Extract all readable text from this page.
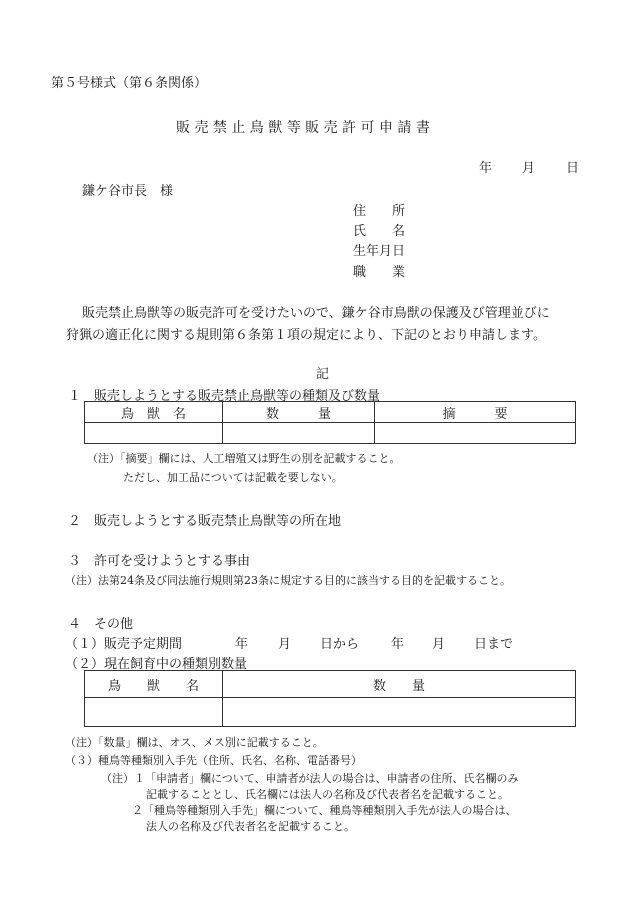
第５号様式（第６条関係）
販 売 禁 止 鳥 獣 等 販 売 許 可 申 請 書
年 月 日
鎌ケ谷市長　様
住　　所
氏　　名
生年月日
職　　業
販売禁止鳥獣等の販売許可を受けたいので、鎌ケ谷市鳥獣の保護及び管理並びに
狩猟の適正化に関する規則第６条第１項の規定により、下記のとおり申請します。
記
１　販売しようとする販売禁止鳥獣等の種類及び数量
鳥　獣　名	数　　　量	摘　　　要

（注）「摘要」欄には、人工増殖又は野生の別を記載すること。
ただし、加工品については記載を要しない。
２　販売しようとする販売禁止鳥獣等の所在地
３　許可を受けようとする事由
（注）法第24条及び同法施行規則第23条に規定する目的に該当する目的を記載すること。
４　その他
（１）販売予定期間	年 月 日から 年 月 日まで
（２）現在飼育中の種類別数量
鳥　　獣　　名	数　　量

（注）「数量」欄は、オス、メス別に記載すること。
（３）種鳥等種類別入手先（住所、氏名、名称、電話番号）
（注）１「申請者」欄について、申請者が法人の場合は、申請者の住所、氏名欄のみ
記載することとし、氏名欄には法人の名称及び代表者名を記載すること。
２「種鳥等種類別入手先」欄について、種鳥等種類別入手先が法人の場合は、
法人の名称及び代表者名を記載すること。
